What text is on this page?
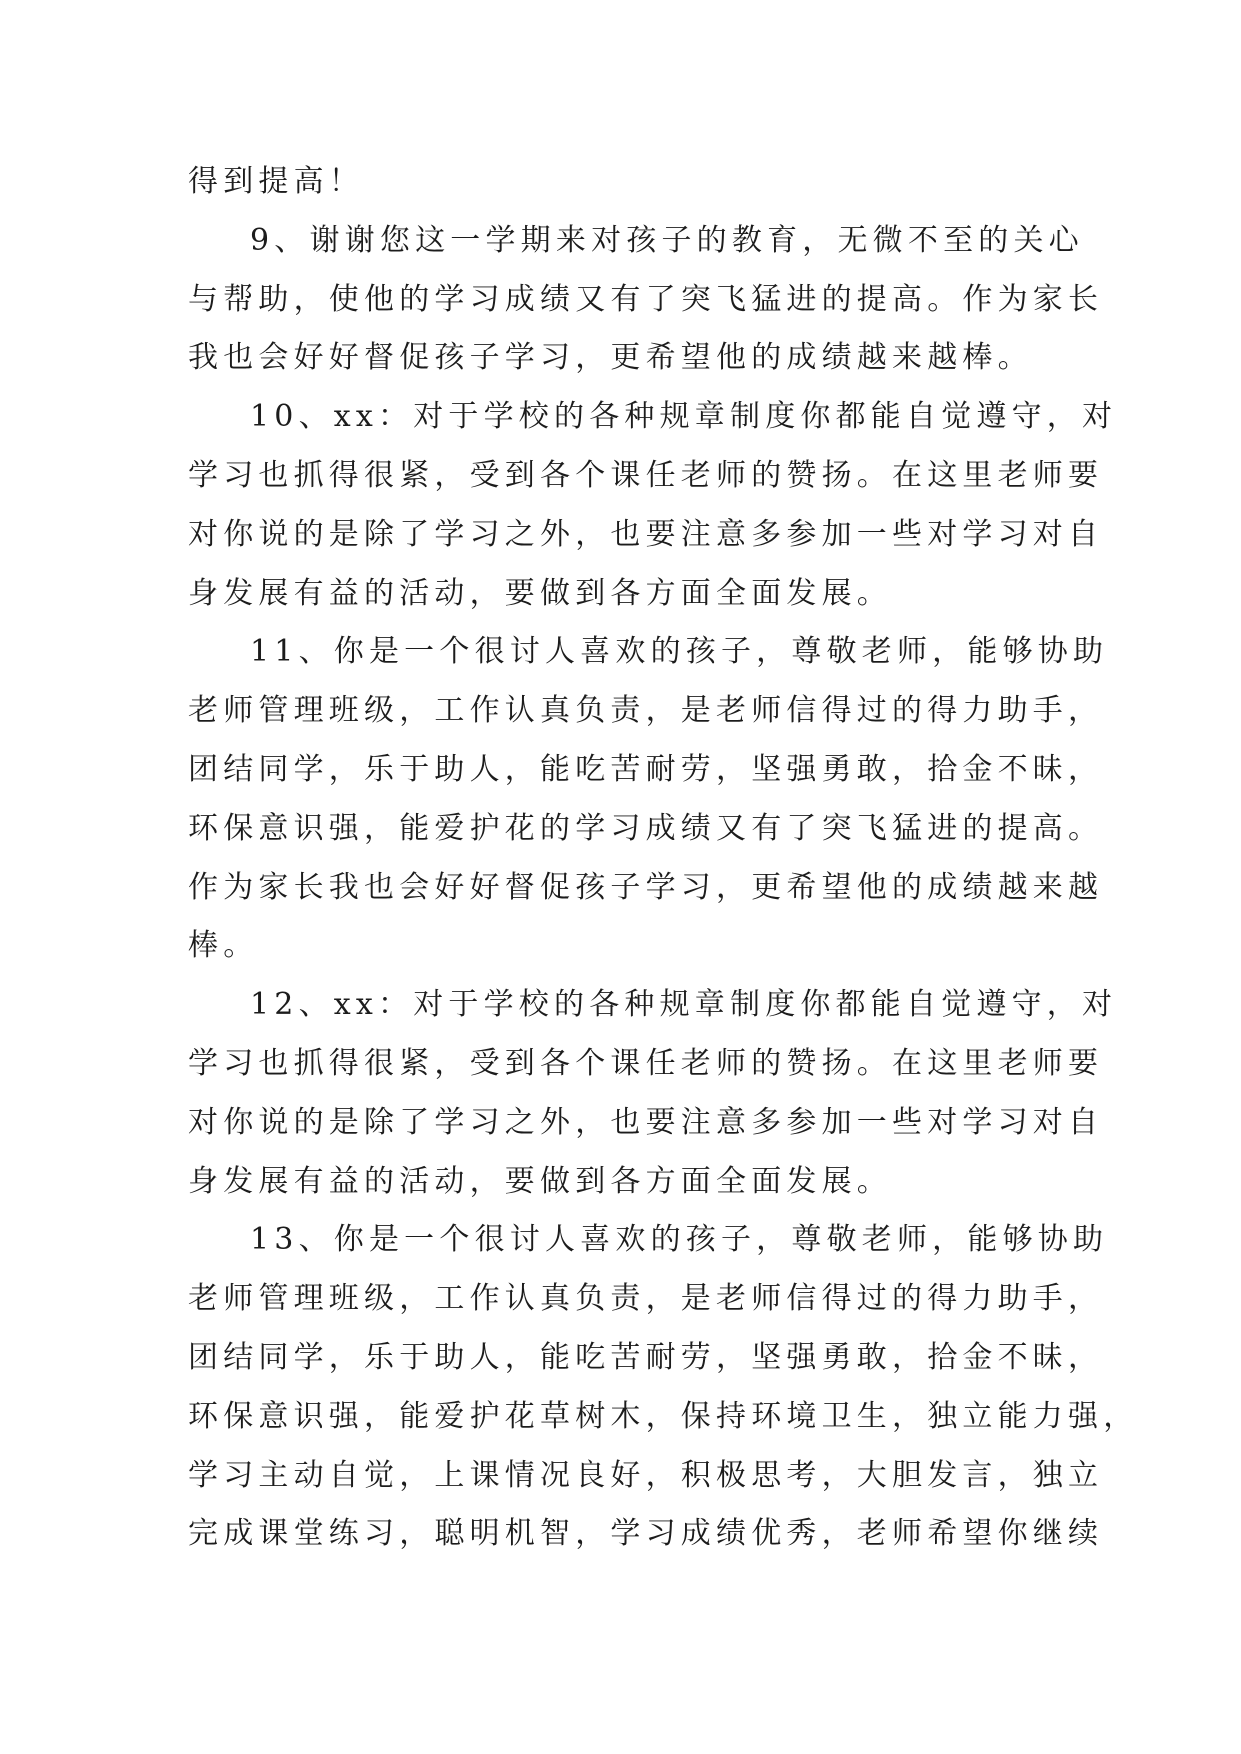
得到提高！
9、谢谢您这一学期来对孩子的教育，无微不至的关心
与帮助，使他的学习成绩又有了突飞猛进的提高。作为家长
我也会好好督促孩子学习，更希望他的成绩越来越棒。
10、xx：对于学校的各种规章制度你都能自觉遵守，对
学习也抓得很紧，受到各个课任老师的赞扬。在这里老师要
对你说的是除了学习之外，也要注意多参加一些对学习对自
身发展有益的活动，要做到各方面全面发展。
11、你是一个很讨人喜欢的孩子，尊敬老师，能够协助
老师管理班级，工作认真负责，是老师信得过的得力助手，
团结同学，乐于助人，能吃苦耐劳，坚强勇敢，拾金不昧，
环保意识强，能爱护花的学习成绩又有了突飞猛进的提高。
作为家长我也会好好督促孩子学习，更希望他的成绩越来越
棒。
12、xx：对于学校的各种规章制度你都能自觉遵守，对
学习也抓得很紧，受到各个课任老师的赞扬。在这里老师要
对你说的是除了学习之外，也要注意多参加一些对学习对自
身发展有益的活动，要做到各方面全面发展。
13、你是一个很讨人喜欢的孩子，尊敬老师，能够协助
老师管理班级，工作认真负责，是老师信得过的得力助手，
团结同学，乐于助人，能吃苦耐劳，坚强勇敢，拾金不昧，
环保意识强，能爱护花草树木，保持环境卫生，独立能力强，
学习主动自觉，上课情况良好，积极思考，大胆发言，独立
完成课堂练习，聪明机智，学习成绩优秀，老师希望你继续
